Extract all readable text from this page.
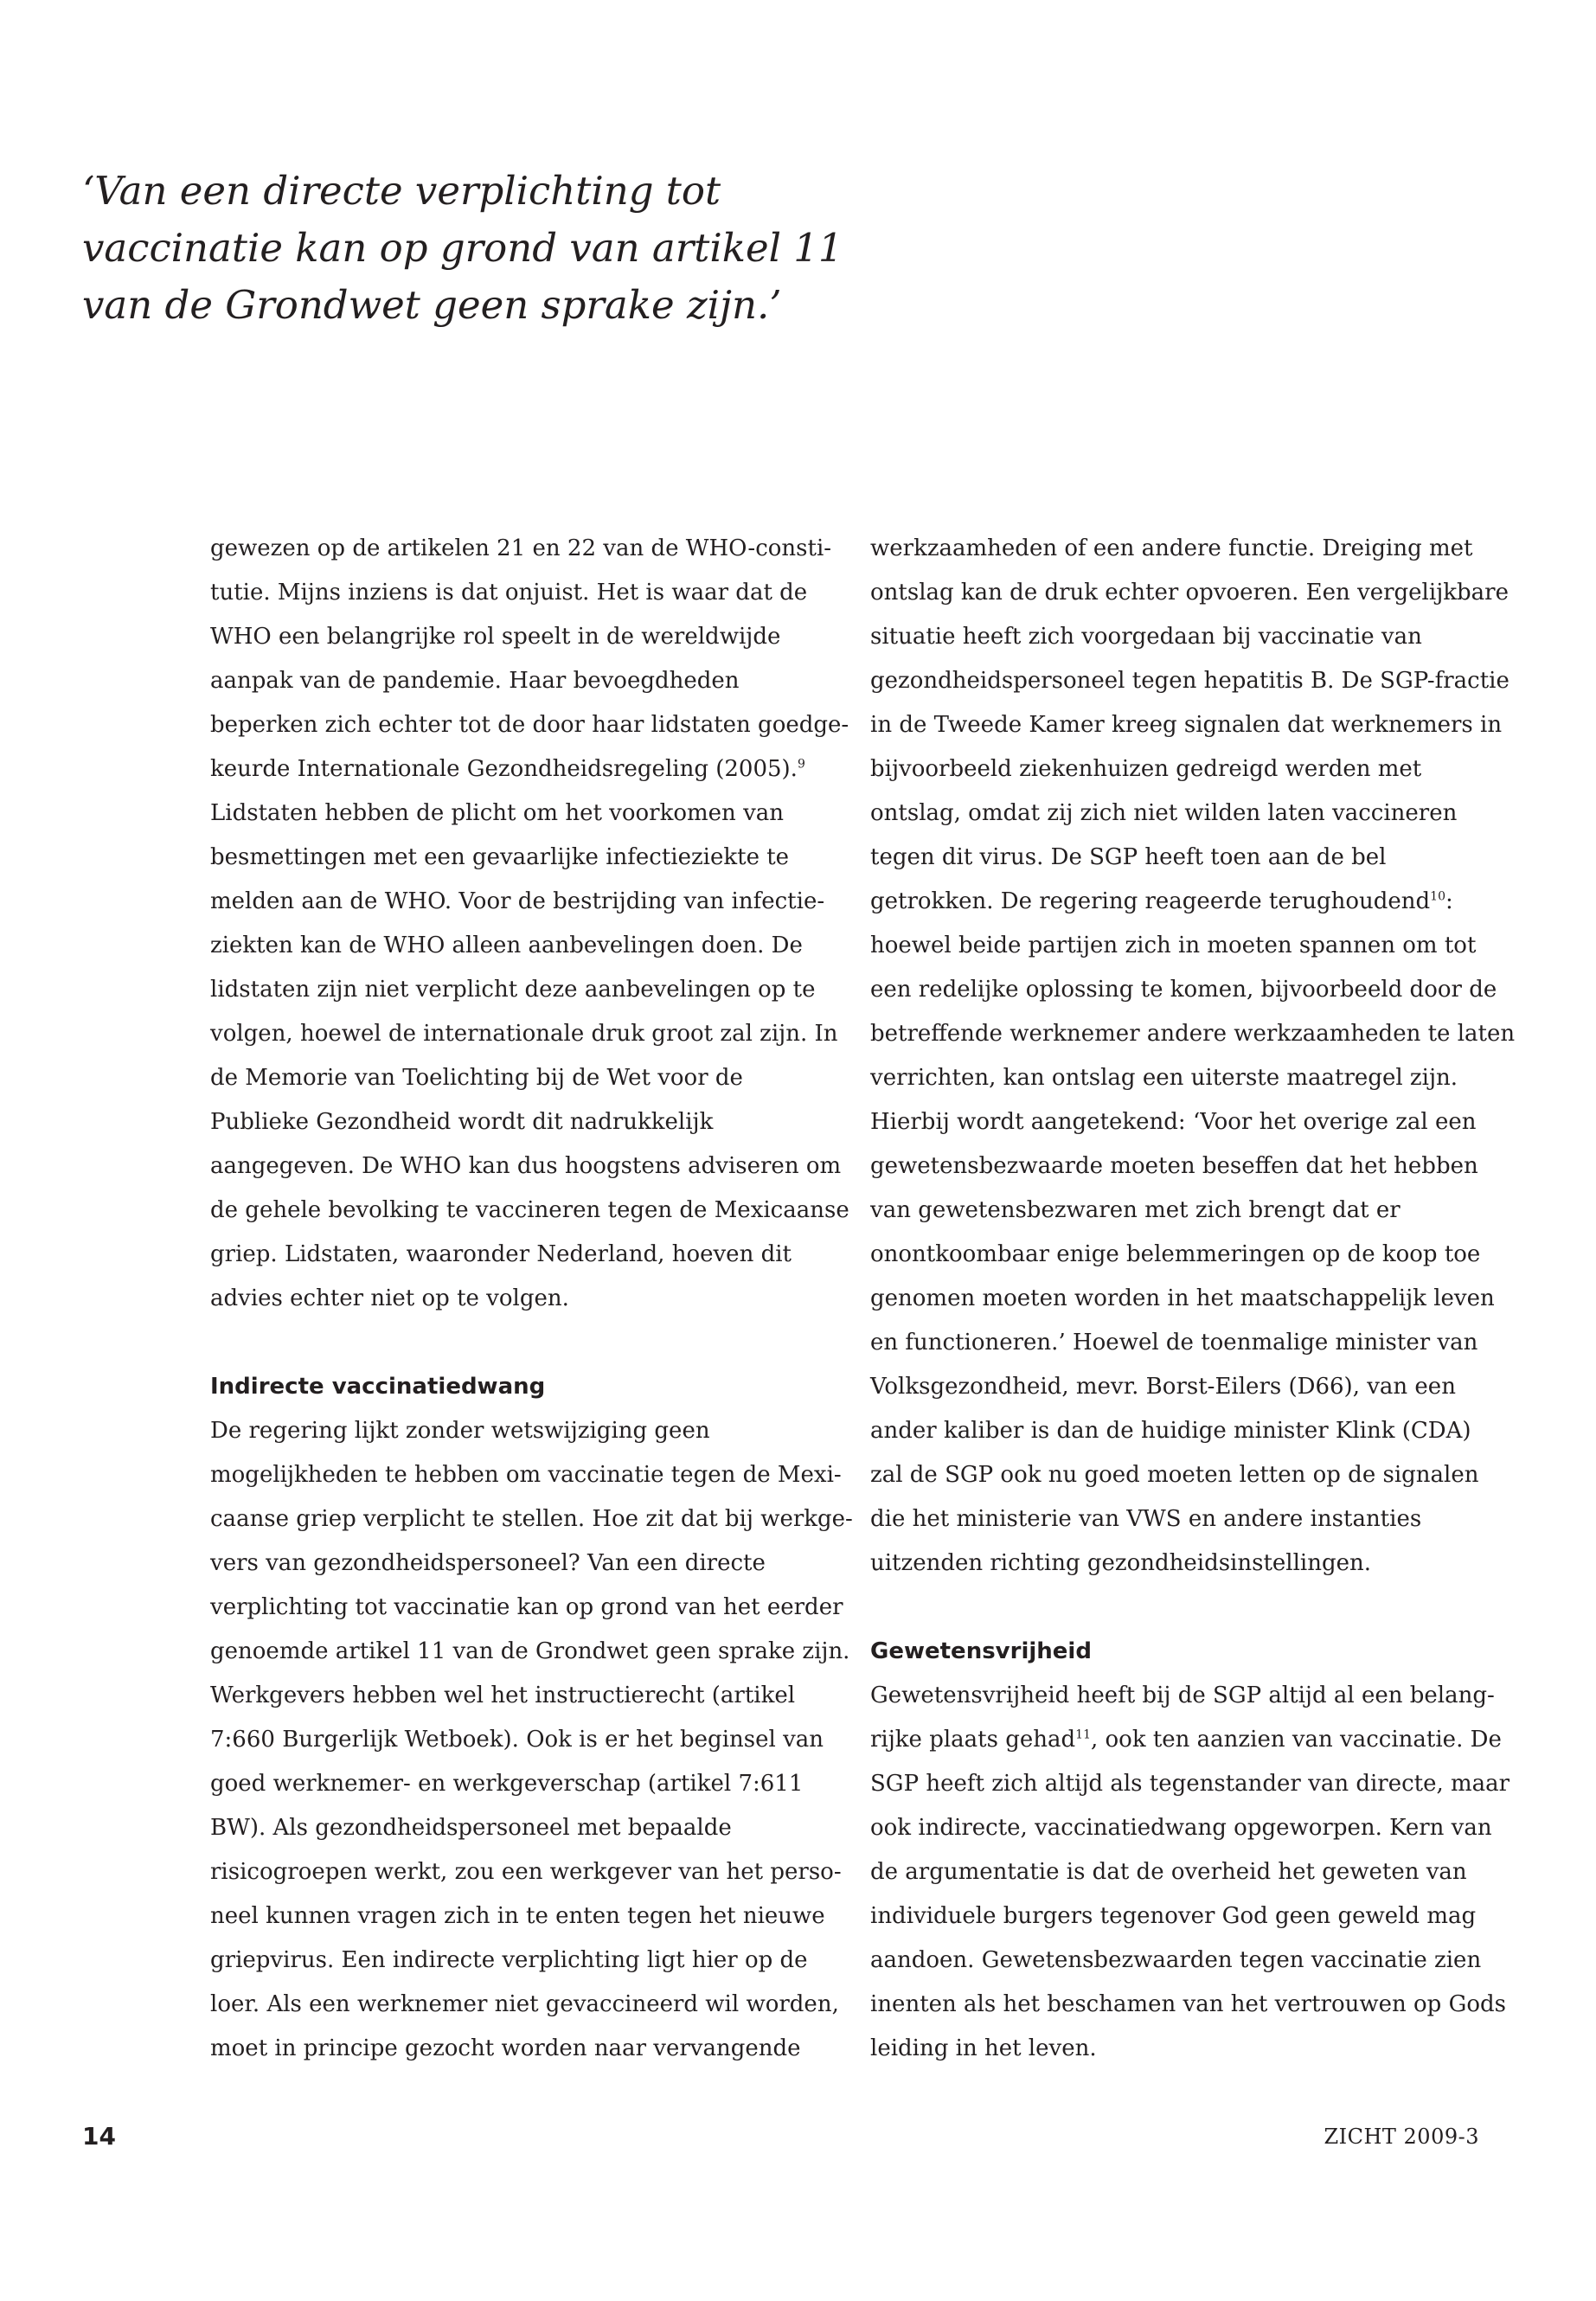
‘Van een directe verplichting tot
vaccinatie kan op grond van artikel 11
van de Grondwet geen sprake zijn.’
gewezen op de artikelen 21 en 22 van de WHO-consti-
tutie. Mijns inziens is dat onjuist. Het is waar dat de
WHO een belangrijke rol speelt in de wereldwijde
aanpak van de pandemie. Haar bevoegdheden
beperken zich echter tot de door haar lidstaten goedge-
keurde Internationale Gezondheidsregeling (2005).$^9$
Lidstaten hebben de plicht om het voorkomen van
besmettingen met een gevaarlijke infectieziekte te
melden aan de WHO. Voor de bestrijding van infectie-
ziekten kan de WHO alleen aanbevelingen doen. De
lidstaten zijn niet verplicht deze aanbevelingen op te
volgen, hoewel de internationale druk groot zal zijn. In
de Memorie van Toelichting bij de Wet voor de
Publieke Gezondheid wordt dit nadrukkelijk
aangegeven. De WHO kan dus hoogstens adviseren om
de gehele bevolking te vaccineren tegen de Mexicaanse
griep. Lidstaten, waaronder Nederland, hoeven dit
advies echter niet op te volgen.
Indirecte vaccinatiedwang
De regering lijkt zonder wetswijziging geen
mogelijkheden te hebben om vaccinatie tegen de Mexi-
caanse griep verplicht te stellen. Hoe zit dat bij werkge-
vers van gezondheidspersoneel? Van een directe
verplichting tot vaccinatie kan op grond van het eerder
genoemde artikel 11 van de Grondwet geen sprake zijn.
Werkgevers hebben wel het instructierecht (artikel
7:660 Burgerlijk Wetboek). Ook is er het beginsel van
goed werknemer- en werkgeverschap (artikel 7:611
BW). Als gezondheidspersoneel met bepaalde
risicogroepen werkt, zou een werkgever van het perso-
neel kunnen vragen zich in te enten tegen het nieuwe
griepvirus. Een indirecte verplichting ligt hier op de
loer. Als een werknemer niet gevaccineerd wil worden,
moet in principe gezocht worden naar vervangende
werkzaamheden of een andere functie. Dreiging met
ontslag kan de druk echter opvoeren. Een vergelijkbare
situatie heeft zich voorgedaan bij vaccinatie van
gezondheidspersoneel tegen hepatitis B. De SGP-fractie
in de Tweede Kamer kreeg signalen dat werknemers in
bijvoorbeeld ziekenhuizen gedreigd werden met
ontslag, omdat zij zich niet wilden laten vaccineren
tegen dit virus. De SGP heeft toen aan de bel
getrokken. De regering reageerde terughoudend$^{10}$:
hoewel beide partijen zich in moeten spannen om tot
een redelijke oplossing te komen, bijvoorbeeld door de
betreffende werknemer andere werkzaamheden te laten
verrichten, kan ontslag een uiterste maatregel zijn.
Hierbij wordt aangetekend: ‘Voor het overige zal een
gewetensbezwaarde moeten beseffen dat het hebben
van gewetensbezwaren met zich brengt dat er
onontkoombaar enige belemmeringen op de koop toe
genomen moeten worden in het maatschappelijk leven
en functioneren.’ Hoewel de toenmalige minister van
Volksgezondheid, mevr. Borst-Eilers (D66), van een
ander kaliber is dan de huidige minister Klink (CDA)
zal de SGP ook nu goed moeten letten op de signalen
die het ministerie van VWS en andere instanties
uitzenden richting gezondheidsinstellingen.
Gewetensvrijheid
Gewetensvrijheid heeft bij de SGP altijd al een belang-
rijke plaats gehad$^{11}$, ook ten aanzien van vaccinatie. De
SGP heeft zich altijd als tegenstander van directe, maar
ook indirecte, vaccinatiedwang opgeworpen. Kern van
de argumentatie is dat de overheid het geweten van
individuele burgers tegenover God geen geweld mag
aandoen. Gewetensbezwaarden tegen vaccinatie zien
inenten als het beschamen van het vertrouwen op Gods
leiding in het leven.
14	ZICHT 2009-3
